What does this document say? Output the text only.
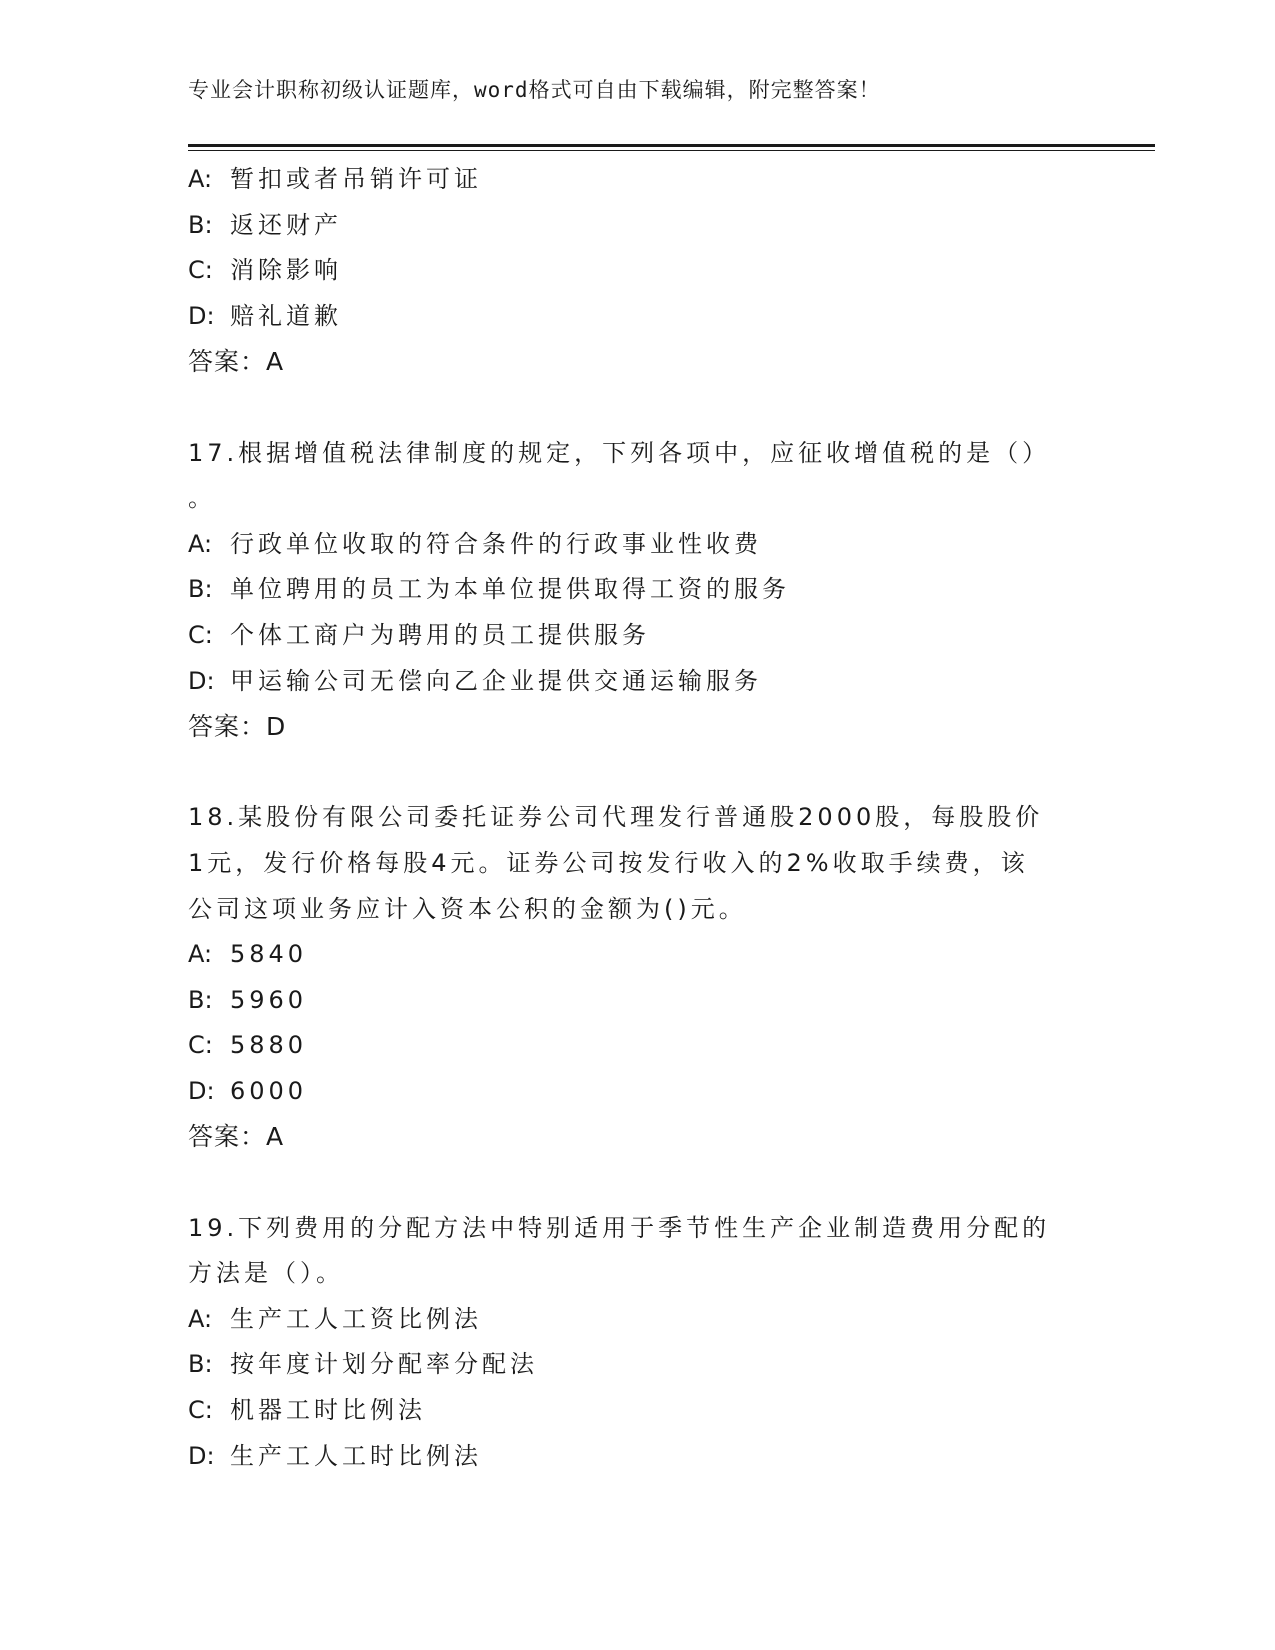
专业会计职称初级认证题库，word格式可自由下载编辑，附完整答案！
A: 暂扣或者吊销许可证
B: 返还财产
C: 消除影响
D: 赔礼道歉
答案：A
17.根据增值税法律制度的规定，下列各项中，应征收增值税的是（）
。
A: 行政单位收取的符合条件的行政事业性收费
B: 单位聘用的员工为本单位提供取得工资的服务
C: 个体工商户为聘用的员工提供服务
D: 甲运输公司无偿向乙企业提供交通运输服务
答案：D
18.某股份有限公司委托证券公司代理发行普通股2000股，每股股价
1元，发行价格每股4元。证券公司按发行收入的2%收取手续费，该
公司这项业务应计入资本公积的金额为()元。
A: 5840
B: 5960
C: 5880
D: 6000
答案：A
19.下列费用的分配方法中特别适用于季节性生产企业制造费用分配的
方法是（）。
A: 生产工人工资比例法
B: 按年度计划分配率分配法
C: 机器工时比例法
D: 生产工人工时比例法
